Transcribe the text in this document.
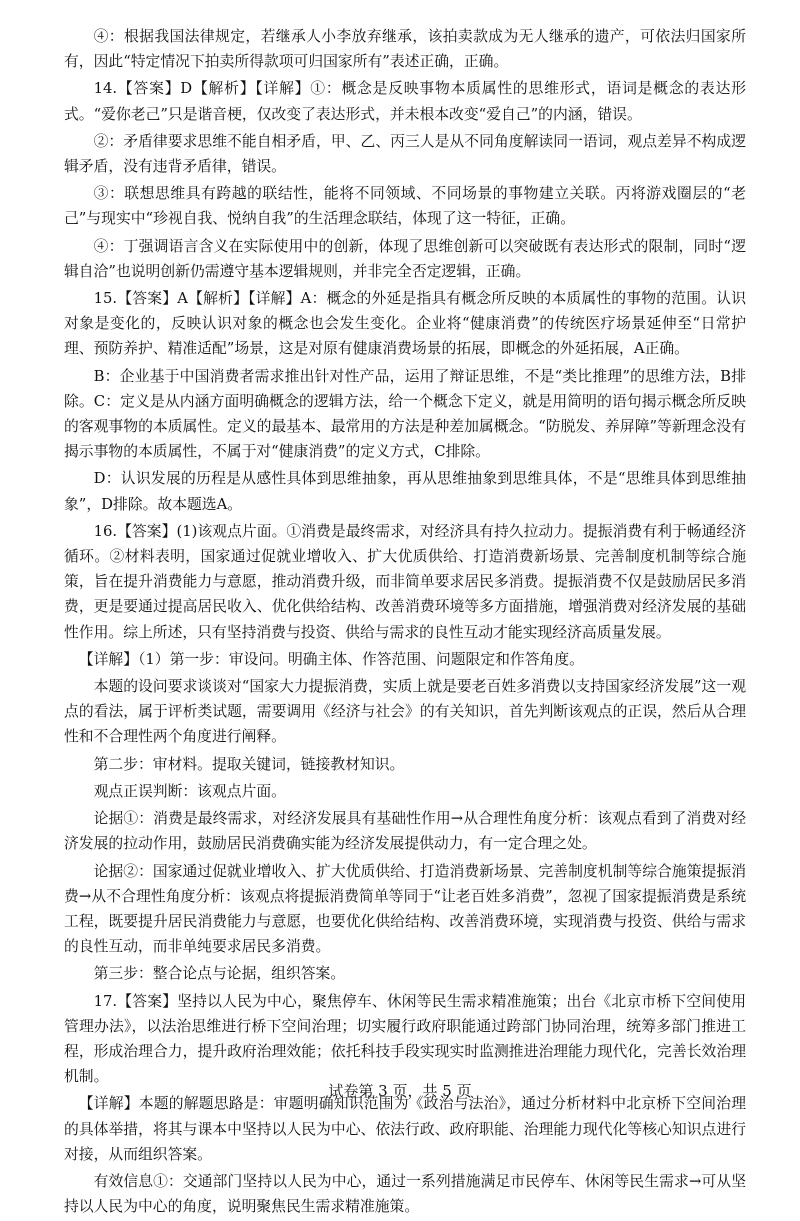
④：根据我国法律规定，若继承人小李放弃继承，该拍卖款成为无人继承的遗产，可依法归国家所有，因此“特定情况下拍卖所得款项可归国家所有”表述正确，正确。

14.【答案】D【解析】【详解】①：概念是反映事物本质属性的思维形式，语词是概念的表达形式。“爱你老己”只是谐音梗，仅改变了表达形式，并未根本改变“爱自己”的内涵，错误。

②：矛盾律要求思维不能自相矛盾，甲、乙、丙三人是从不同角度解读同一语词，观点差异不构成逻辑矛盾，没有违背矛盾律，错误。

③：联想思维具有跨越的联结性，能将不同领域、不同场景的事物建立关联。丙将游戏圈层的“老己”与现实中“珍视自我、悦纳自我”的生活理念联结，体现了这一特征，正确。

④：丁强调语言含义在实际使用中的创新，体现了思维创新可以突破既有表达形式的限制，同时“逻辑自洽”也说明创新仍需遵守基本逻辑规则，并非完全否定逻辑，正确。

15.【答案】A【解析】【详解】A：概念的外延是指具有概念所反映的本质属性的事物的范围。认识对象是变化的，反映认识对象的概念也会发生变化。企业将“健康消费”的传统医疗场景延伸至“日常护理、预防养护、精准适配”场景，这是对原有健康消费场景的拓展，即概念的外延拓展，A正确。

B：企业基于中国消费者需求推出针对性产品，运用了辩证思维，不是“类比推理”的思维方法，B排除。C：定义是从内涵方面明确概念的逻辑方法，给一个概念下定义，就是用简明的语句揭示概念所反映的客观事物的本质属性。定义的最基本、最常用的方法是种差加属概念。“防脱发、养屏障”等新理念没有揭示事物的本质属性，不属于对“健康消费”的定义方式，C排除。

D：认识发展的历程是从感性具体到思维抽象，再从思维抽象到思维具体，不是“思维具体到思维抽象”，D排除。故本题选A。

16.【答案】(1)该观点片面。①消费是最终需求，对经济具有持久拉动力。提振消费有利于畅通经济循环。②材料表明，国家通过促就业增收入、扩大优质供给、打造消费新场景、完善制度机制等综合施策，旨在提升消费能力与意愿，推动消费升级，而非简单要求居民多消费。提振消费不仅是鼓励居民多消费，更是要通过提高居民收入、优化供给结构、改善消费环境等多方面措施，增强消费对经济发展的基础性作用。综上所述，只有坚持消费与投资、供给与需求的良性互动才能实现经济高质量发展。

【详解】（1）第一步：审设问。明确主体、作答范围、问题限定和作答角度。

本题的设问要求谈谈对“国家大力提振消费，实质上就是要老百姓多消费以支持国家经济发展”这一观点的看法，属于评析类试题，需要调用《经济与社会》的有关知识，首先判断该观点的正误，然后从合理性和不合理性两个角度进行阐释。

第二步：审材料。提取关键词，链接教材知识。

观点正误判断：该观点片面。

论据①：消费是最终需求，对经济发展具有基础性作用→从合理性角度分析：该观点看到了消费对经济发展的拉动作用，鼓励居民消费确实能为经济发展提供动力，有一定合理之处。

论据②：国家通过促就业增收入、扩大优质供给、打造消费新场景、完善制度机制等综合施策提振消费→从不合理性角度分析：该观点将提振消费简单等同于“让老百姓多消费”，忽视了国家提振消费是系统工程，既要提升居民消费能力与意愿，也要优化供给结构、改善消费环境，实现消费与投资、供给与需求的良性互动，而非单纯要求居民多消费。

第三步：整合论点与论据，组织答案。

17.【答案】坚持以人民为中心，聚焦停车、休闲等民生需求精准施策；出台《北京市桥下空间使用管理办法》，以法治思维进行桥下空间治理；切实履行政府职能通过跨部门协同治理，统筹多部门推进工程，形成治理合力，提升政府治理效能；依托科技手段实现实时监测推进治理能力现代化，完善长效治理机制。

【详解】本题的解题思路是：审题明确知识范围为《政治与法治》，通过分析材料中北京桥下空间治理的具体举措，将其与课本中坚持以人民为中心、依法行政、政府职能、治理能力现代化等核心知识点进行对接，从而组织答案。

有效信息①：交通部门坚持以人民为中心，通过一系列措施满足市民停车、休闲等民生需求→可从坚持以人民为中心的角度，说明聚焦民生需求精准施策。

试卷第 3 页，共 5 页
